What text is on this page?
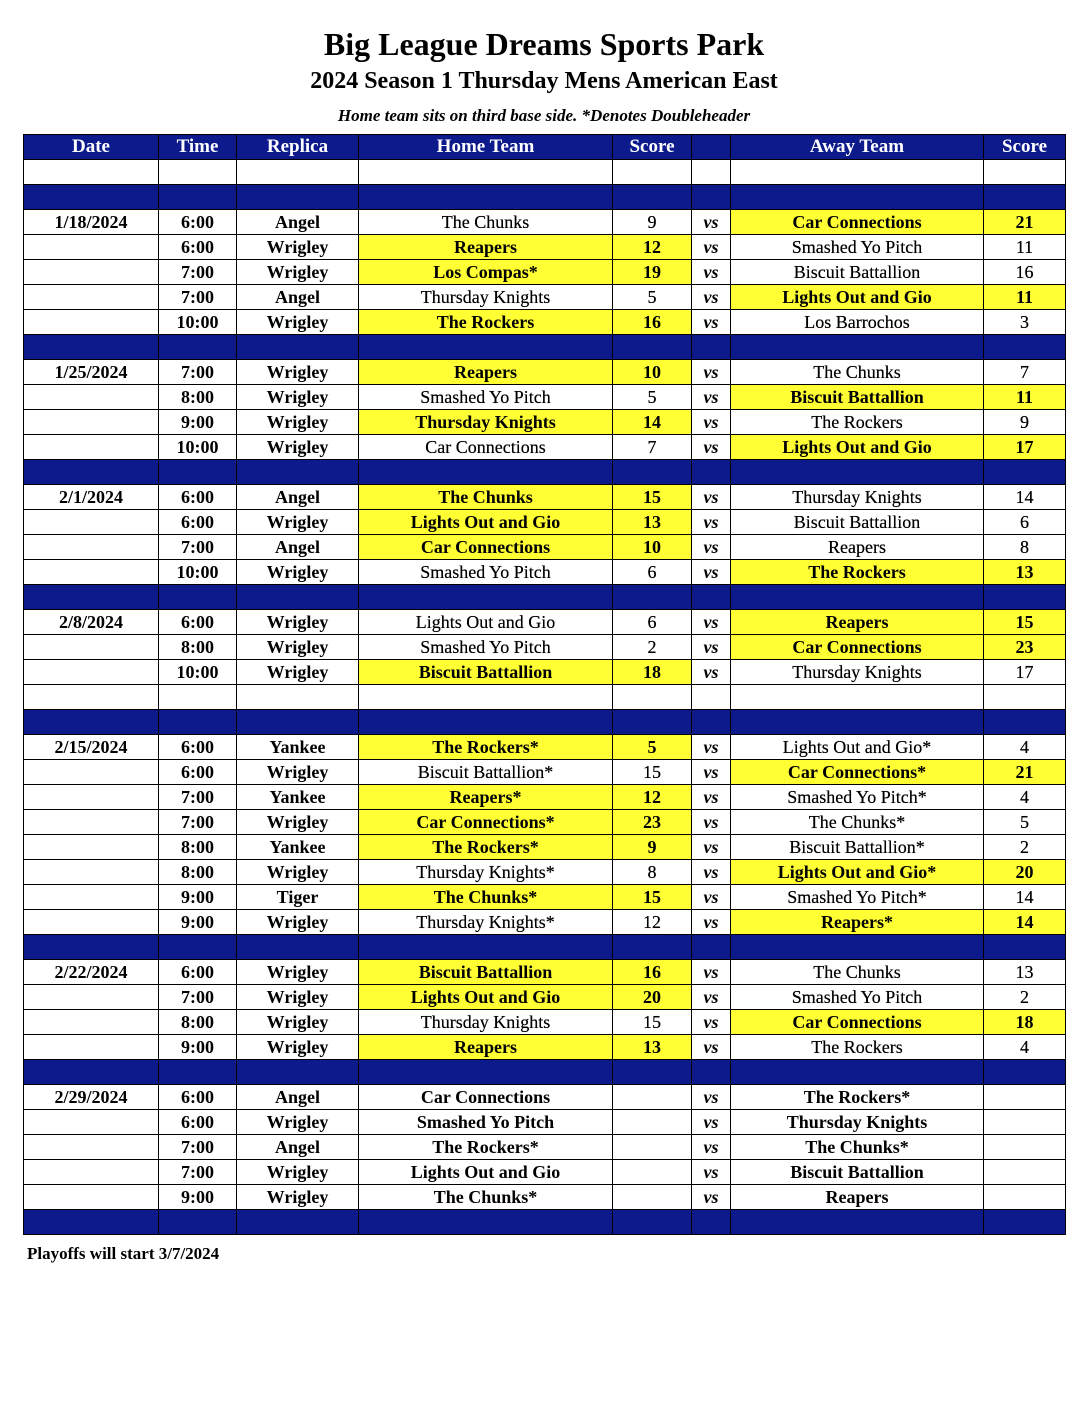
Big League Dreams Sports Park
2024 Season 1 Thursday Mens American East
Home team sits on third base side. *Denotes Doubleheader
Date	Time	Replica	Home Team	Score		Away Team	Score

1/18/2024	6:00	Angel	The Chunks	9	vs	Car Connections	21
	6:00	Wrigley	Reapers	12	vs	Smashed Yo Pitch	11
	7:00	Wrigley	Los Compas*	19	vs	Biscuit Battallion	16
	7:00	Angel	Thursday Knights	5	vs	Lights Out and Gio	11
	10:00	Wrigley	The Rockers	16	vs	Los Barrochos	3

1/25/2024	7:00	Wrigley	Reapers	10	vs	The Chunks	7
	8:00	Wrigley	Smashed Yo Pitch	5	vs	Biscuit Battallion	11
	9:00	Wrigley	Thursday Knights	14	vs	The Rockers	9
	10:00	Wrigley	Car Connections	7	vs	Lights Out and Gio	17

2/1/2024	6:00	Angel	The Chunks	15	vs	Thursday Knights	14
	6:00	Wrigley	Lights Out and Gio	13	vs	Biscuit Battallion	6
	7:00	Angel	Car Connections	10	vs	Reapers	8
	10:00	Wrigley	Smashed Yo Pitch	6	vs	The Rockers	13

2/8/2024	6:00	Wrigley	Lights Out and Gio	6	vs	Reapers	15
	8:00	Wrigley	Smashed Yo Pitch	2	vs	Car Connections	23
	10:00	Wrigley	Biscuit Battallion	18	vs	Thursday Knights	17

2/15/2024	6:00	Yankee	The Rockers*	5	vs	Lights Out and Gio*	4
	6:00	Wrigley	Biscuit Battallion*	15	vs	Car Connections*	21
	7:00	Yankee	Reapers*	12	vs	Smashed Yo Pitch*	4
	7:00	Wrigley	Car Connections*	23	vs	The Chunks*	5
	8:00	Yankee	The Rockers*	9	vs	Biscuit Battallion*	2
	8:00	Wrigley	Thursday Knights*	8	vs	Lights Out and Gio*	20
	9:00	Tiger	The Chunks*	15	vs	Smashed Yo Pitch*	14
	9:00	Wrigley	Thursday Knights*	12	vs	Reapers*	14

2/22/2024	6:00	Wrigley	Biscuit Battallion	16	vs	The Chunks	13
	7:00	Wrigley	Lights Out and Gio	20	vs	Smashed Yo Pitch	2
	8:00	Wrigley	Thursday Knights	15	vs	Car Connections	18
	9:00	Wrigley	Reapers	13	vs	The Rockers	4

2/29/2024	6:00	Angel	Car Connections		vs	The Rockers*	
	6:00	Wrigley	Smashed Yo Pitch		vs	Thursday Knights	
	7:00	Angel	The Rockers*		vs	The Chunks*	
	7:00	Wrigley	Lights Out and Gio		vs	Biscuit Battallion	
	9:00	Wrigley	The Chunks*		vs	Reapers	

Playoffs will start 3/7/2024
